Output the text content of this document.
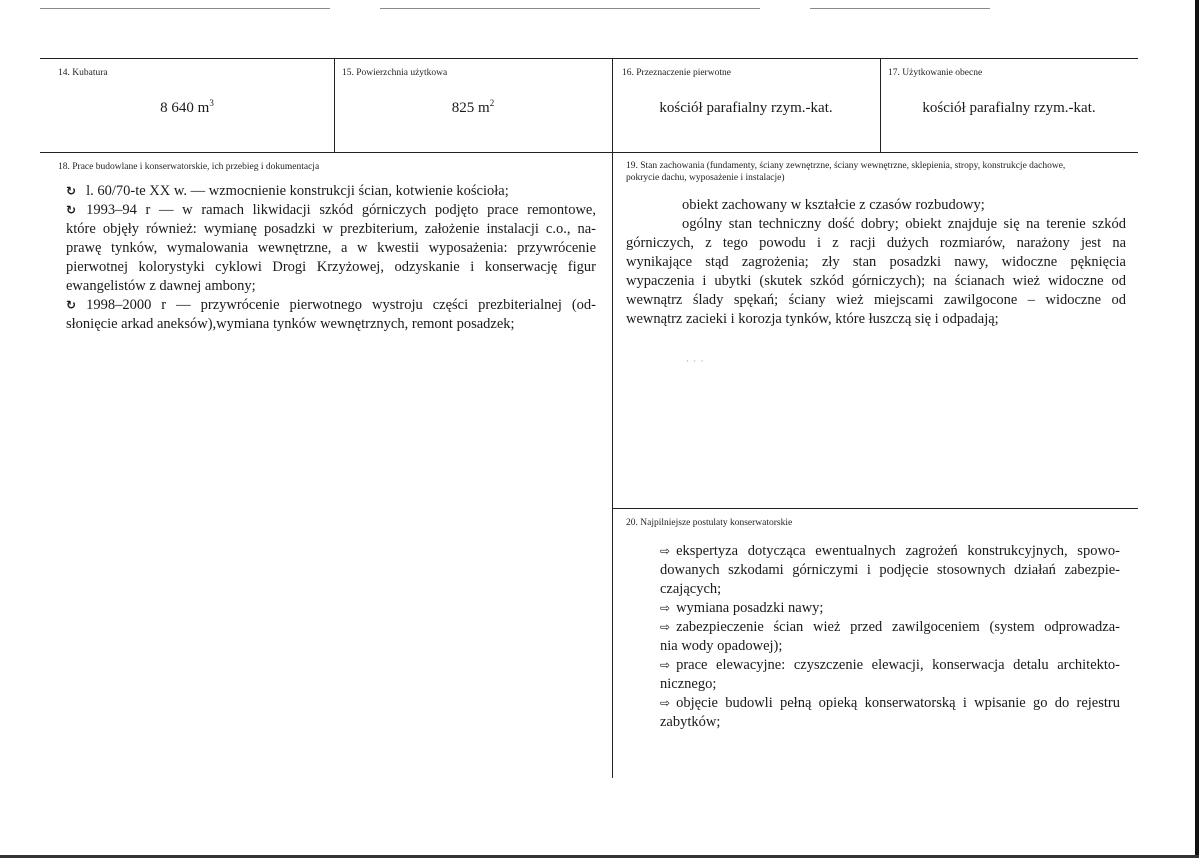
14. Kubatura
8 640 $m^3$
15. Powierzchnia użytkowa
825 $m^2$
16. Przeznaczenie pierwotne
kościół parafialny rzym.-kat.
17. Użytkowanie obecne
kościół parafialny rzym.-kat.
18. Prace budowlane i konserwatorskie, ich przebieg i dokumentacja
↻ l. 60/70-te XX w. — wzmocnienie konstrukcji ścian, kotwienie kościoła;
↻ 1993–94 r — w ramach likwidacji szkód górniczych podjęto prace remontowe,
które objęły również: wymianę posadzki w prezbiterium, założenie instalacji c.o., na-
prawę tynków, wymalowania wewnętrzne, a w kwestii wyposażenia: przywrócenie
pierwotnej kolorystyki cyklowi Drogi Krzyżowej, odzyskanie i konserwację figur
ewangelistów z dawnej ambony;
↻ 1998–2000 r — przywrócenie pierwotnego wystroju części prezbiterialnej (od-
słonięcie arkad aneksów),wymiana tynków wewnętrznych, remont posadzek;
19. Stan zachowania (fundamenty, ściany zewnętrzne, ściany wewnętrzne, sklepienia, stropy, konstrukcje dachowe,
pokrycie dachu, wyposażenie i instalacje)
obiekt zachowany w kształcie z czasów rozbudowy;
ogólny stan techniczny dość dobry; obiekt znajduje się na terenie szkód
górniczych, z tego powodu i z racji dużych rozmiarów, narażony jest na
wynikające stąd zagrożenia; zły stan posadzki nawy, widoczne pęknięcia
wypaczenia i ubytki (skutek szkód górniczych); na ścianach wież widoczne od
wewnątrz ślady spękań; ściany wież miejscami zawilgocone – widoczne od
wewnątrz zacieki i korozja tynków, które łuszczą się i odpadają;
· · ·
20. Najpilniejsze postulaty konserwatorskie
⇨ ekspertyza dotycząca ewentualnych zagrożeń konstrukcyjnych, spowo-
dowanych szkodami górniczymi i podjęcie stosownych działań zabezpie-
czających;
⇨ wymiana posadzki nawy;
⇨ zabezpieczenie ścian wież przed zawilgoceniem (system odprowadza-
nia wody opadowej);
⇨ prace elewacyjne: czyszczenie elewacji, konserwacja detalu architekto-
nicznego;
⇨ objęcie budowli pełną opieką konserwatorską i wpisanie go do rejestru
zabytków;
